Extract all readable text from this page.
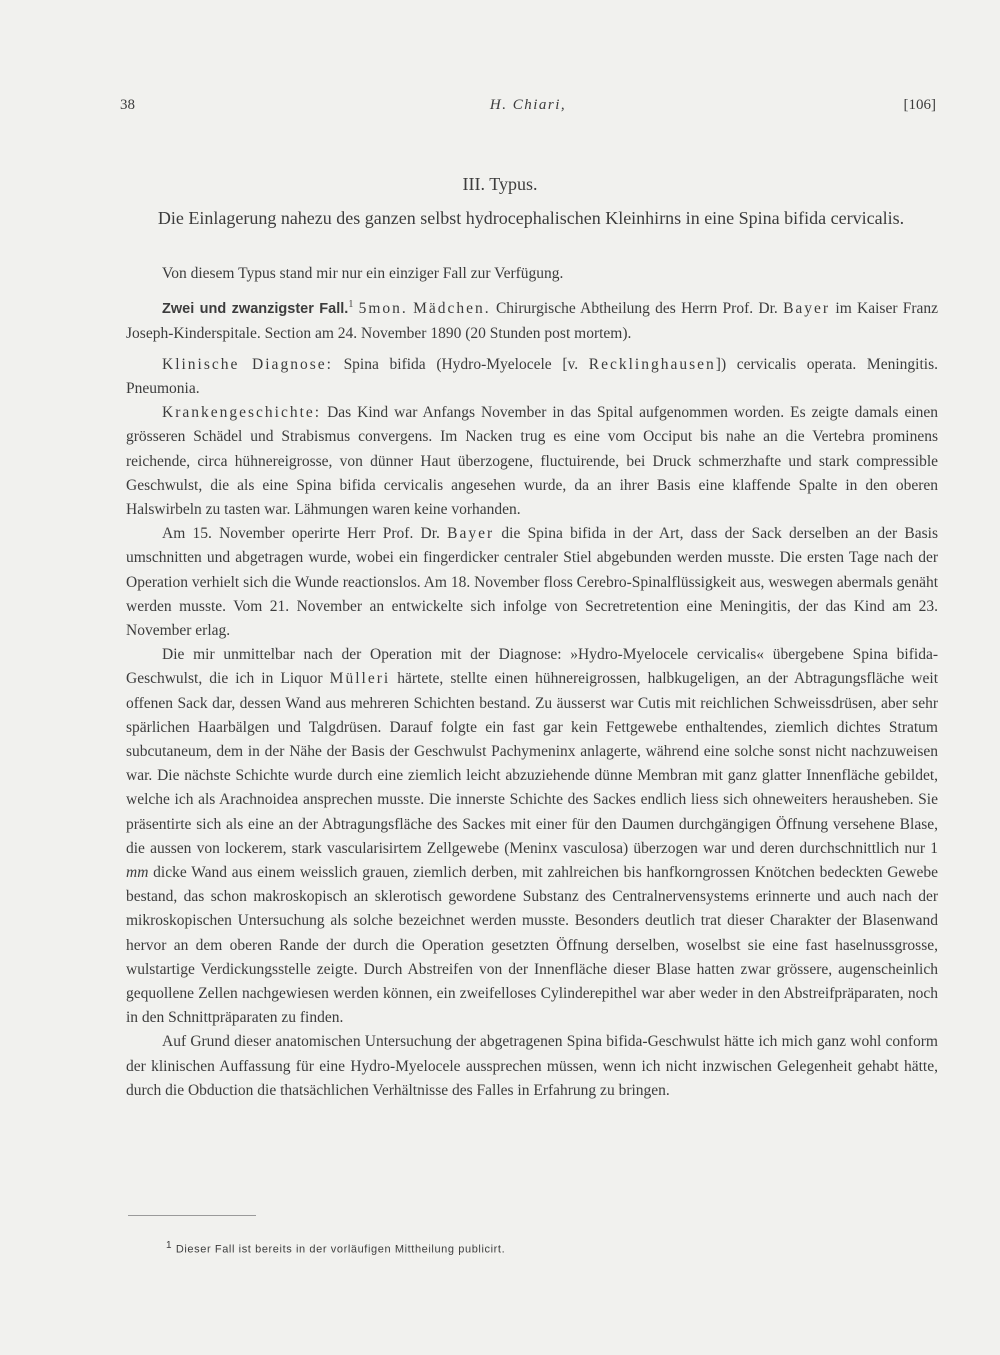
38	H. Chiari,	[106]
III. Typus.
Die Einlagerung nahezu des ganzen selbst hydrocephalischen Kleinhirns in eine Spina bifida cervicalis.

Von diesem Typus stand mir nur ein einziger Fall zur Verfügung.

Zwei und zwanzigster Fall.$^1$ 5mon. Mädchen. Chirurgische Abtheilung des Herrn Prof. Dr. Bayer im Kaiser Franz Joseph-Kinderspitale. Section am 24. November 1890 (20 Stunden post mortem).

Klinische Diagnose: Spina bifida (Hydro-Myelocele [v. Recklinghausen]) cervicalis operata. Meningitis. Pneumonia.

Krankengeschichte: Das Kind war Anfangs November in das Spital aufgenommen worden. Es zeigte damals einen grösseren Schädel und Strabismus convergens. Im Nacken trug es eine vom Occiput bis nahe an die Vertebra prominens reichende, circa hühnereigrosse, von dünner Haut überzogene, fluctuirende, bei Druck schmerzhafte und stark compressible Geschwulst, die als eine Spina bifida cervicalis angesehen wurde, da an ihrer Basis eine klaffende Spalte in den oberen Halswirbeln zu tasten war. Lähmungen waren keine vorhanden.

Am 15. November operirte Herr Prof. Dr. Bayer die Spina bifida in der Art, dass der Sack derselben an der Basis umschnitten und abgetragen wurde, wobei ein fingerdicker centraler Stiel abgebunden werden musste. Die ersten Tage nach der Operation verhielt sich die Wunde reactionslos. Am 18. November floss Cerebro-Spinalflüssigkeit aus, weswegen abermals genäht werden musste. Vom 21. November an entwickelte sich infolge von Secretretention eine Meningitis, der das Kind am 23. November erlag.

Die mir unmittelbar nach der Operation mit der Diagnose: »Hydro-Myelocele cervicalis« übergebene Spina bifida-Geschwulst, die ich in Liquor Mülleri härtete, stellte einen hühnereigrossen, halbkugeligen, an der Abtragungsfläche weit offenen Sack dar, dessen Wand aus mehreren Schichten bestand. Zu äusserst war Cutis mit reichlichen Schweissdrüsen, aber sehr spärlichen Haarbälgen und Talgdrüsen. Darauf folgte ein fast gar kein Fettgewebe enthaltendes, ziemlich dichtes Stratum subcutaneum, dem in der Nähe der Basis der Geschwulst Pachymeninx anlagerte, während eine solche sonst nicht nachzuweisen war. Die nächste Schichte wurde durch eine ziemlich leicht abzuziehende dünne Membran mit ganz glatter Innenfläche gebildet, welche ich als Arachnoidea ansprechen musste. Die innerste Schichte des Sackes endlich liess sich ohneweiters herausheben. Sie präsentirte sich als eine an der Abtragungsfläche des Sackes mit einer für den Daumen durchgängigen Öffnung versehene Blase, die aussen von lockerem, stark vascularisirtem Zellgewebe (Meninx vasculosa) überzogen war und deren durchschnittlich nur 1 mm dicke Wand aus einem weisslich grauen, ziemlich derben, mit zahlreichen bis hanfkorngrossen Knötchen bedeckten Gewebe bestand, das schon makroskopisch an sklerotisch gewordene Substanz des Centralnervensystems erinnerte und auch nach der mikroskopischen Untersuchung als solche bezeichnet werden musste. Besonders deutlich trat dieser Charakter der Blasenwand hervor an dem oberen Rande der durch die Operation gesetzten Öffnung derselben, woselbst sie eine fast haselnussgrosse, wulstartige Verdickungsstelle zeigte. Durch Abstreifen von der Innenfläche dieser Blase hatten zwar grössere, augenscheinlich gequollene Zellen nachgewiesen werden können, ein zweifelloses Cylinderepithel war aber weder in den Abstreifpräparaten, noch in den Schnittpräparaten zu finden.

Auf Grund dieser anatomischen Untersuchung der abgetragenen Spina bifida-Geschwulst hätte ich mich ganz wohl conform der klinischen Auffassung für eine Hydro-Myelocele aussprechen müssen, wenn ich nicht inzwischen Gelegenheit gehabt hätte, durch die Obduction die thatsächlichen Verhältnisse des Falles in Erfahrung zu bringen.

$^1$ Dieser Fall ist bereits in der vorläufigen Mittheilung publicirt.
